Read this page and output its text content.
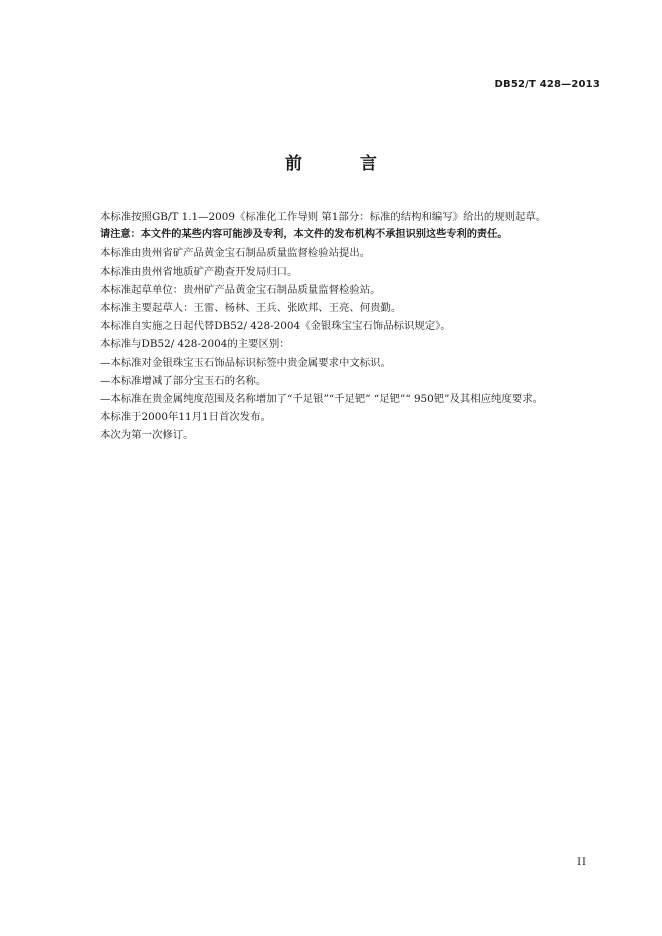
DB52/T 428—2013
前 言

本标准按照GB/T 1.1—2009《标准化工作导则 第1部分：标准的结构和编写》给出的规则起草。

请注意：本文件的某些内容可能涉及专利，本文件的发布机构不承担识别这些专利的责任。

本标准由贵州省矿产品黄金宝石制品质量监督检验站提出。

本标准由贵州省地质矿产勘查开发局归口。

本标准起草单位：贵州矿产品黄金宝石制品质量监督检验站。

本标准主要起草人：王雷、杨林、王兵、张欧邦、王亮、何贵勤。

本标准自实施之日起代替DB52/ 428-2004《金银珠宝宝石饰品标识规定》。

本标准与DB52/ 428-2004的主要区别：

—本标准对金银珠宝玉石饰品标识标签中贵金属要求中文标识。

—本标准增减了部分宝玉石的名称。

—本标准在贵金属纯度范围及名称增加了“千足银”“千足钯” “足钯”“ 950钯”及其相应纯度要求。

本标准于2000年11月1日首次发布。

本次为第一次修订。

II
